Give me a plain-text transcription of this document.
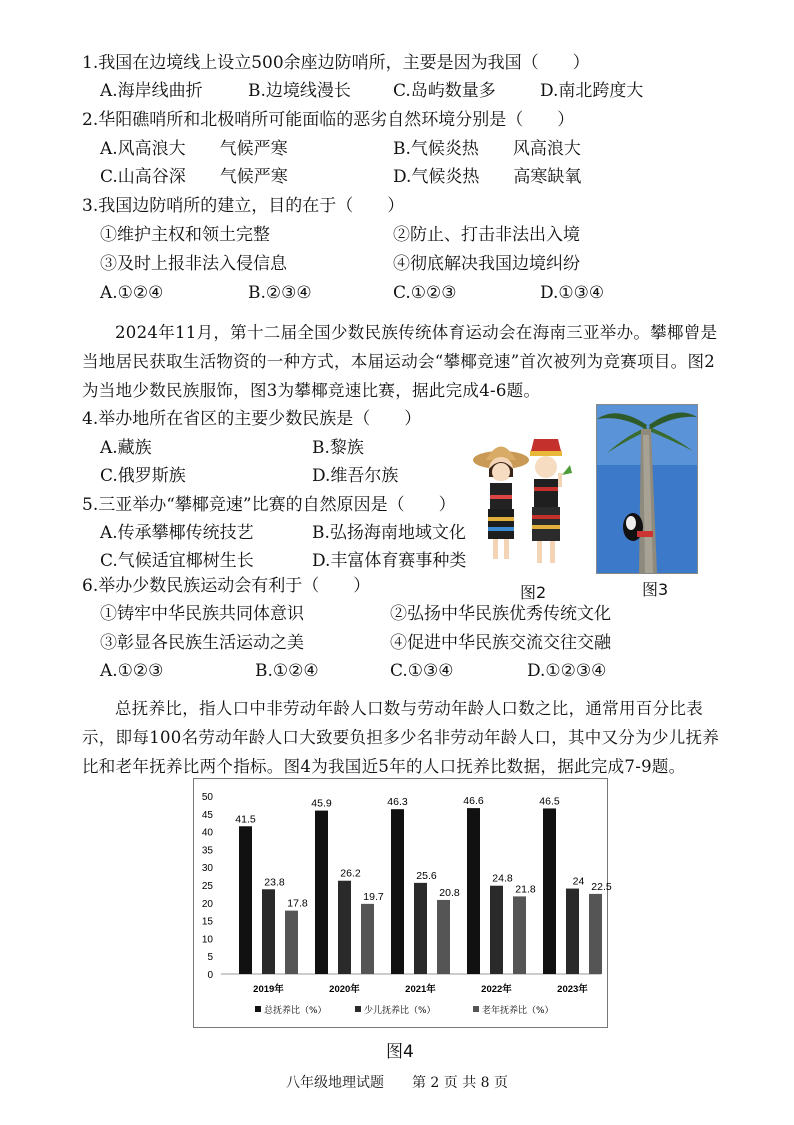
1.我国在边境线上设立500余座边防哨所，主要是因为我国（　　）
A.海岸线曲折	B.边境线漫长 C.岛屿数量多	D.南北跨度大
2.华阳礁哨所和北极哨所可能面临的恶劣自然环境分别是（　　）
A.风高浪大　　气候严寒	B.气候炎热　　风高浪大
C.山高谷深　　气候严寒	D.气候炎热　　高寒缺氧
3.我国边防哨所的建立，目的在于（　　）
①维护主权和领土完整	②防止、打击非法出入境
③及时上报非法入侵信息	④彻底解决我国边境纠纷
A.①②④	B.②③④	C.①②③	D.①③④
2024年11月，第十二届全国少数民族传统体育运动会在海南三亚举办。攀椰曾是当地居民获取生活物资的一种方式，本届运动会“攀椰竞速”首次被列为竞赛项目。图2为当地少数民族服饰，图3为攀椰竞速比赛，据此完成4-6题。
4.举办地所在省区的主要少数民族是（　　）
A.藏族	B.黎族
C.俄罗斯族	D.维吾尔族
5.三亚举办“攀椰竞速”比赛的自然原因是（　　）
A.传承攀椰传统技艺	B.弘扬海南地域文化
C.气候适宜椰树生长	D.丰富体育赛事种类
图2	图3
6.举办少数民族运动会有利于（　　）
①铸牢中华民族共同体意识	②弘扬中华民族优秀传统文化
③彰显各民族生活运动之美	④促进中华民族交流交往交融
A.①②③	B.①②④	C.①③④	D.①②③④
总抚养比，指人口中非劳动年龄人口数与劳动年龄人口数之比，通常用百分比表示，即每100名劳动年龄人口大致要负担多少名非劳动年龄人口，其中又分为少儿抚养比和老年抚养比两个指标。图4为我国近5年的人口抚养比数据，据此完成7-9题。
0
5
10
15
20
25
30
35
40
45
50
41.5
23.8
17.8
45.9
26.2
19.7
46.3
25.6
20.8
46.6
24.8
21.8
46.5
24 22.5
2019年	2020年	2021年	2022年	2023年
总抚养比（%）	少儿抚养比（%）	老年抚养比（%）
图4
八年级地理试题　　第 2 页 共 8 页
